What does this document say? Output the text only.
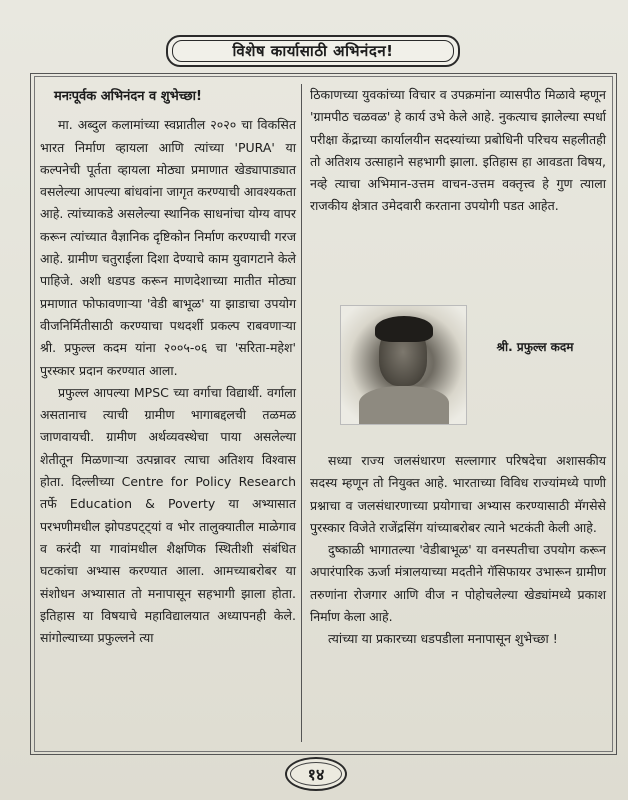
विशेष कार्यासाठी अभिनंदन!

मनःपूर्वक अभिनंदन व शुभेच्छा!

मा. अब्दुल कलामांच्या स्वप्नातील २०२० चा विकसित भारत निर्माण व्हायला आणि त्यांच्या 'PURA' या कल्पनेची पूर्तता व्हायला मोठ्या प्रमाणात खेड्यापाड्यात वसलेल्या आपल्या बांधवांना जागृत करण्याची आवश्यकता आहे. त्यांच्याकडे असलेल्या स्थानिक साधनांचा योग्य वापर करून त्यांच्यात वैज्ञानिक दृष्टिकोन निर्माण करण्याची गरज आहे. ग्रामीण चतुराईला दिशा देण्याचे काम युवागटाने केले पाहिजे. अशी धडपड करून माणदेशाच्या मातीत मोठ्या प्रमाणात फोफावणाऱ्या 'वेडी बाभूळ' या झाडाचा उपयोग वीजनिर्मितीसाठी करण्याचा पथदर्शी प्रकल्प राबवणाऱ्या श्री. प्रफुल्ल कदम यांना २००५-०६ चा 'सरिता-महेश' पुरस्कार प्रदान करण्यात आला.

प्रफुल्ल आपल्या MPSC च्या वर्गाचा विद्यार्थी. वर्गाला असतानाच त्याची ग्रामीण भागाबद्दलची तळमळ जाणवायची. ग्रामीण अर्थव्यवस्थेचा पाया असलेल्या शेतीतून मिळणाऱ्या उत्पन्नावर त्याचा अतिशय विश्वास होता. दिल्लीच्या Centre for Policy Research तर्फे Education & Poverty या अभ्यासात परभणीमधील झोपडपट्ट्यां व भोर तालुक्यातील माळेगाव व करंदी या गावांमधील शैक्षणिक स्थितीशी संबंधित घटकांचा अभ्यास करण्यात आला. आमच्याबरोबर या संशोधन अभ्यासात तो मनापासून सहभागी झाला होता. इतिहास या विषयाचे महाविद्यालयात अध्यापनही केले. सांगोल्याच्या प्रफुल्लने त्या

ठिकाणच्या युवकांच्या विचार व उपक्रमांना व्यासपीठ मिळावे म्हणून 'ग्रामपीठ चळवळ' हे कार्य उभे केले आहे. नुकत्याच झालेल्या स्पर्धा परीक्षा केंद्राच्या कार्यालयीन सदस्यांच्या प्रबोधिनी परिचय सहलीतही तो अतिशय उत्साहाने सहभागी झाला. इतिहास हा आवडता विषय, नव्हे त्याचा अभिमान-उत्तम वाचन-उत्तम वक्तृत्त्व हे गुण त्याला राजकीय क्षेत्रात उमेदवारी करताना उपयोगी पडत आहेत.

श्री. प्रफुल्ल कदम

सध्या राज्य जलसंधारण सल्लागार परिषदेचा अशासकीय सदस्य म्हणून तो नियुक्त आहे. भारताच्या विविध राज्यांमध्ये पाणी प्रश्नाचा व जलसंधारणाच्या प्रयोगाचा अभ्यास करण्यासाठी मॅगसेसे पुरस्कार विजेते राजेंद्रसिंग यांच्याबरोबर त्याने भटकंती केली आहे.

दुष्काळी भागातल्या 'वेडीबाभूळ' या वनस्पतीचा उपयोग करून अपारंपारिक ऊर्जा मंत्रालयाच्या मदतीने गॅसिफायर उभारून ग्रामीण तरुणांना रोजगार आणि वीज न पोहोचलेल्या खेड्यांमध्ये प्रकाश निर्माण केला आहे.

त्यांच्या या प्रकारच्या धडपडीला मनापासून शुभेच्छा !

१४
